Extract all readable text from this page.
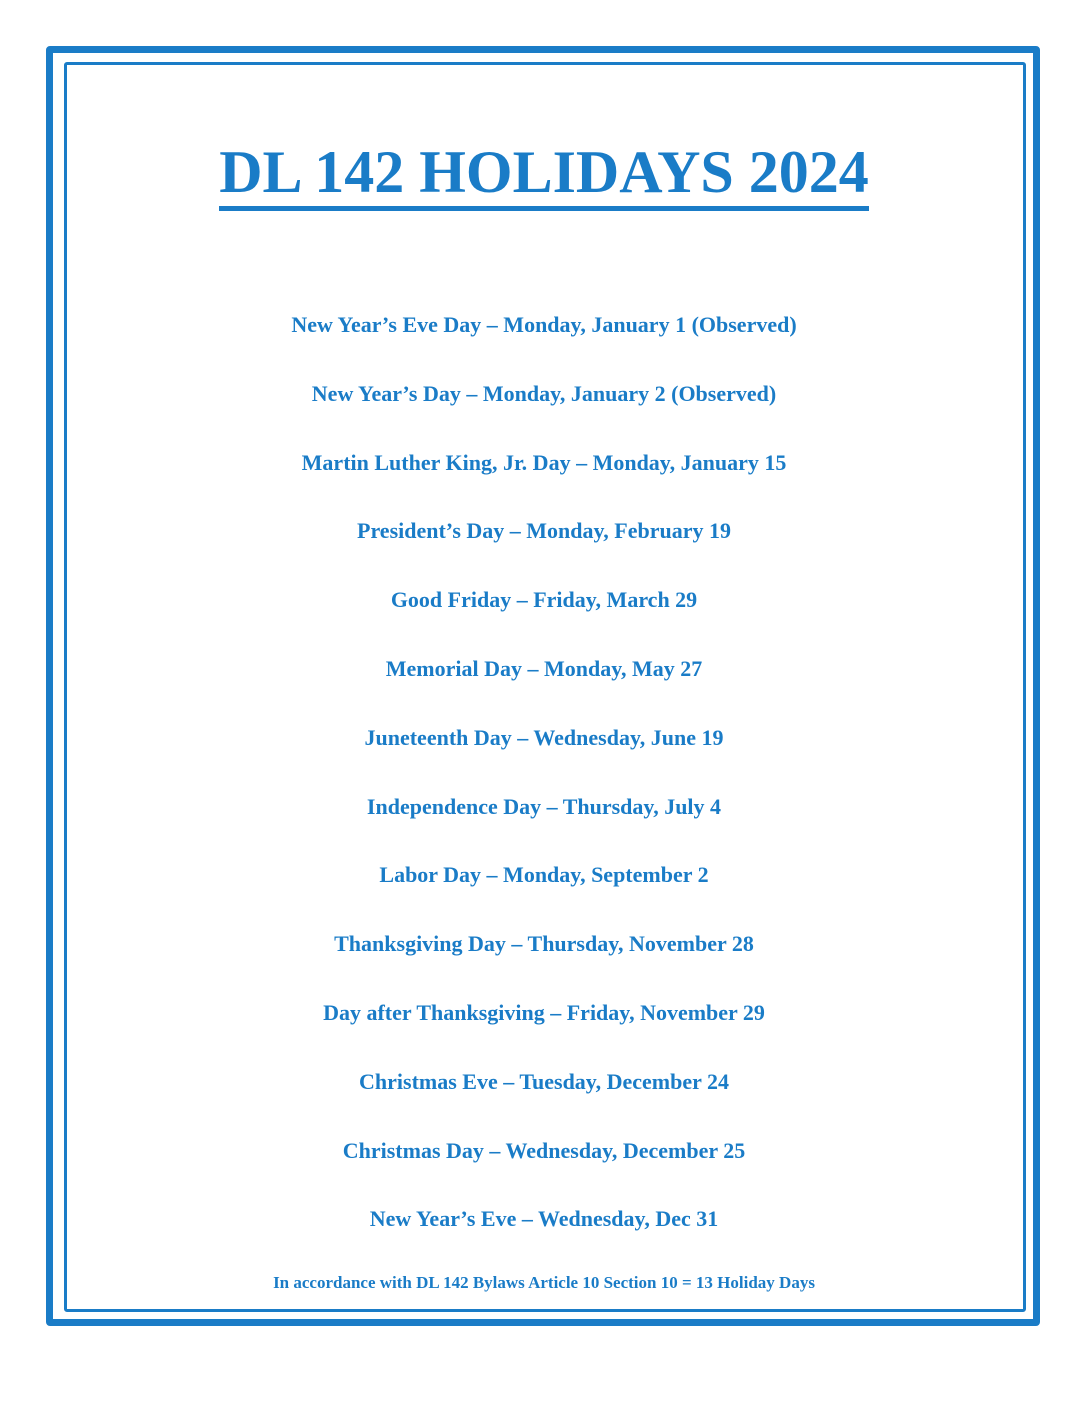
DL 142 HOLIDAYS 2024
New Year’s Eve Day – Monday, January 1 (Observed)
New Year’s Day – Monday, January 2 (Observed)
Martin Luther King, Jr. Day – Monday, January 15
President’s Day – Monday, February 19
Good Friday – Friday, March 29
Memorial Day – Monday, May 27
Juneteenth Day – Wednesday, June 19
Independence Day – Thursday, July 4
Labor Day – Monday, September 2
Thanksgiving Day – Thursday, November 28
Day after Thanksgiving – Friday, November 29
Christmas Eve – Tuesday, December 24
Christmas Day – Wednesday, December 25
New Year’s Eve – Wednesday, Dec 31

In accordance with DL 142 Bylaws Article 10 Section 10 = 13 Holiday Days
